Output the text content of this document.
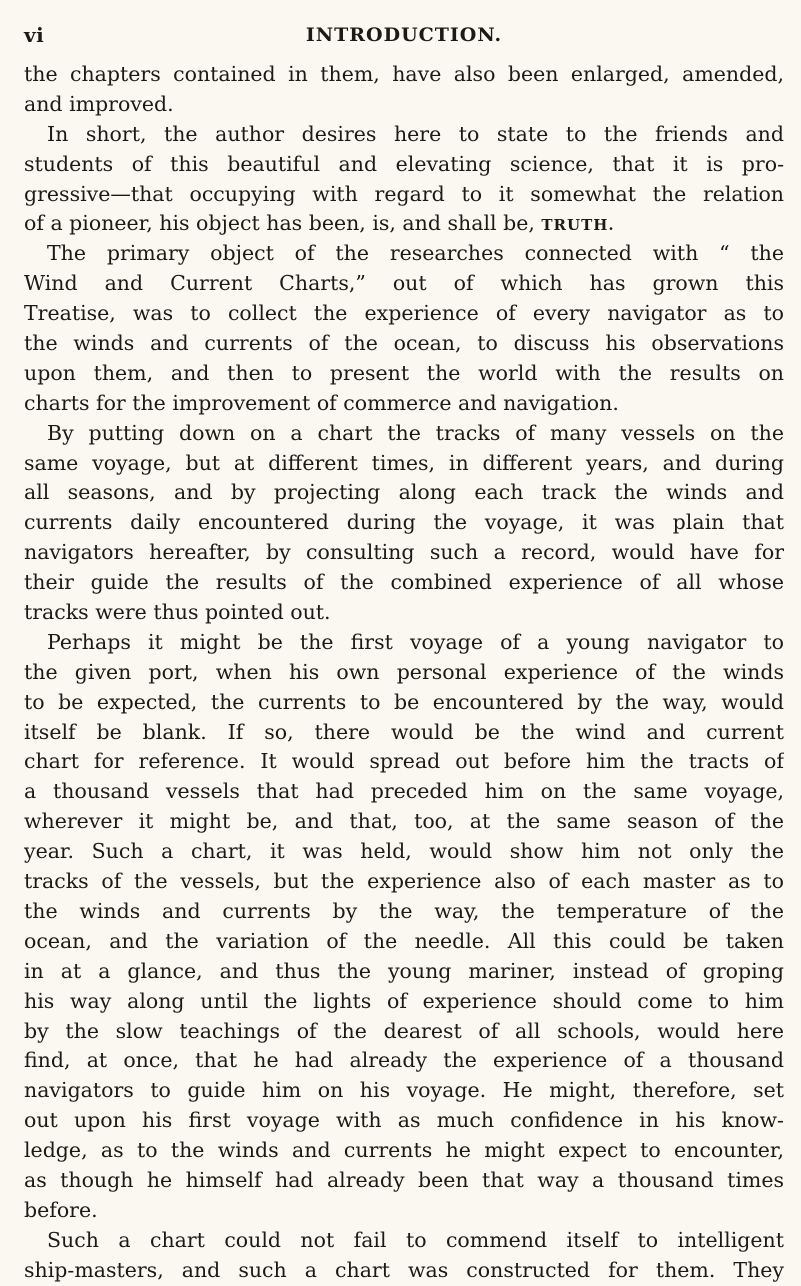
vi	INTRODUCTION.
the chapters contained in them, have also been enlarged, amended,
and improved.
In short, the author desires here to state to the friends and
students of this beautiful and elevating science, that it is pro-
gressive—that occupying with regard to it somewhat the relation
of a pioneer, his object has been, is, and shall be, TRUTH.
The primary object of the researches connected with “ the
Wind and Current Charts,” out of which has grown this
Treatise, was to collect the experience of every navigator as to
the winds and currents of the ocean, to discuss his observations
upon them, and then to present the world with the results on
charts for the improvement of commerce and navigation.
By putting down on a chart the tracks of many vessels on the
same voyage, but at different times, in different years, and during
all seasons, and by projecting along each track the winds and
currents daily encountered during the voyage, it was plain that
navigators hereafter, by consulting such a record, would have for
their guide the results of the combined experience of all whose
tracks were thus pointed out.
Perhaps it might be the first voyage of a young navigator to
the given port, when his own personal experience of the winds
to be expected, the currents to be encountered by the way, would
itself be blank. If so, there would be the wind and current
chart for reference. It would spread out before him the tracts of
a thousand vessels that had preceded him on the same voyage,
wherever it might be, and that, too, at the same season of the
year. Such a chart, it was held, would show him not only the
tracks of the vessels, but the experience also of each master as to
the winds and currents by the way, the temperature of the
ocean, and the variation of the needle. All this could be taken
in at a glance, and thus the young mariner, instead of groping
his way along until the lights of experience should come to him
by the slow teachings of the dearest of all schools, would here
find, at once, that he had already the experience of a thousand
navigators to guide him on his voyage. He might, therefore, set
out upon his first voyage with as much confidence in his know-
ledge, as to the winds and currents he might expect to encounter,
as though he himself had already been that way a thousand times
before.
Such a chart could not fail to commend itself to intelligent
ship-masters, and such a chart was constructed for them. They
